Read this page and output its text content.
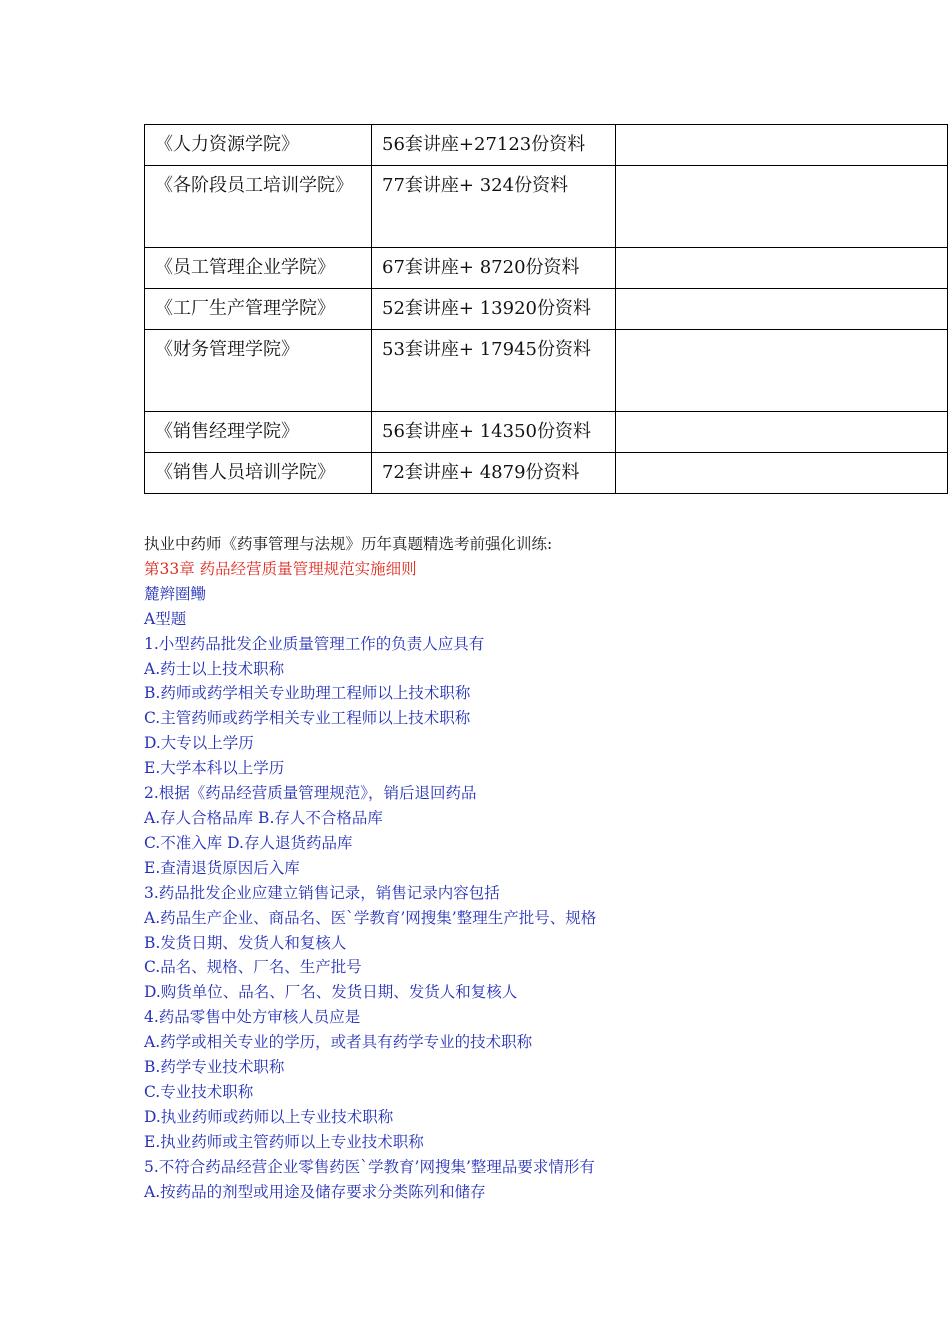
《人力资源学院》	56套讲座+27123份资料	
《各阶段员工培训学院》	77套讲座+ 324份资料	
《员工管理企业学院》	67套讲座+ 8720份资料	
《工厂生产管理学院》	52套讲座+ 13920份资料	
《财务管理学院》	53套讲座+ 17945份资料	
《销售经理学院》	56套讲座+ 14350份资料	
《销售人员培训学院》	72套讲座+ 4879份资料	
执业中药师《药事管理与法规》历年真题精选考前强化训练:
第33章 药品经营质量管理规范实施细则
麓辫圈鳓
A型题
1.小型药品批发企业质量管理工作的负责人应具有
A.药士以上技术职称
B.药师或药学相关专业助理工程师以上技术职称
C.主管药师或药学相关专业工程师以上技术职称
D.大专以上学历
E.大学本科以上学历
2.根据《药品经营质量管理规范》，销后退回药品
A.存人合格品库 B.存人不合格品库
C.不准入库 D.存人退货药品库
E.查清退货原因后入库
3.药品批发企业应建立销售记录，销售记录内容包括
A.药品生产企业、商品名、医`学教育’网搜集’整理生产批号、规格
B.发货日期、发货人和复核人
C.品名、规格、厂名、生产批号
D.购货单位、品名、厂名、发货日期、发货人和复核人
4.药品零售中处方审核人员应是
A.药学或相关专业的学历，或者具有药学专业的技术职称
B.药学专业技术职称
C.专业技术职称
D.执业药师或药师以上专业技术职称
E.执业药师或主管药师以上专业技术职称
5.不符合药品经营企业零售药医`学教育’网搜集’整理品要求情形有
A.按药品的剂型或用途及储存要求分类陈列和储存
